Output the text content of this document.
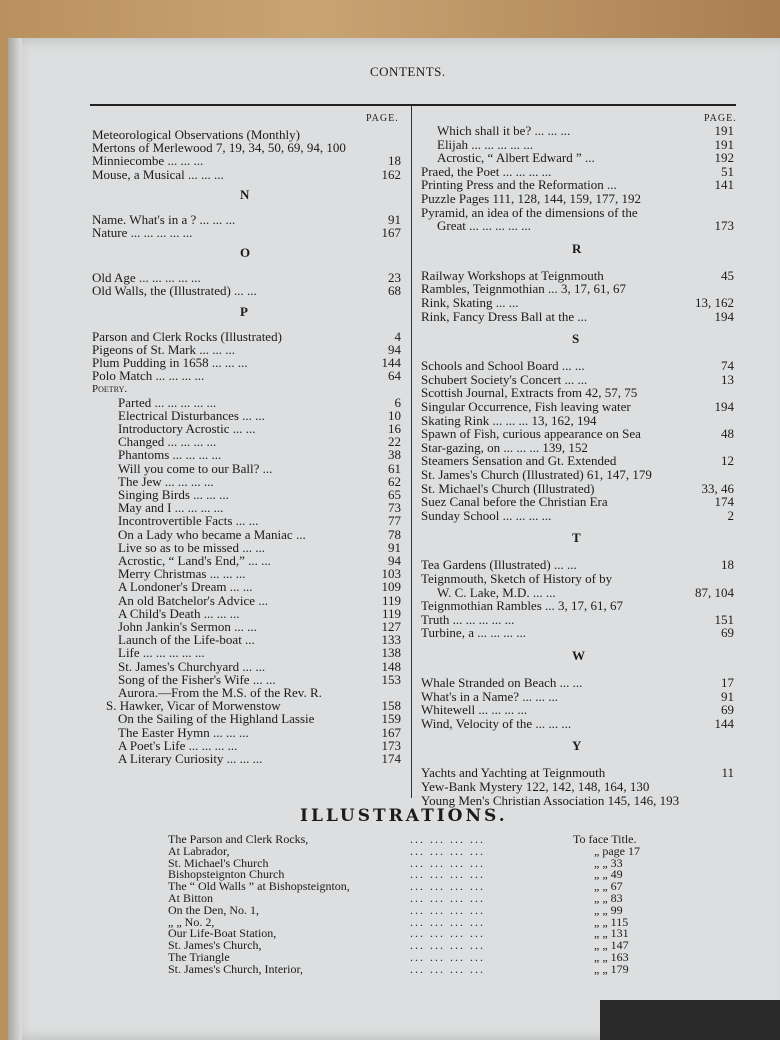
CONTENTS.
PAGE.	PAGE.
Meteorological Observations (Monthly)
Mertons of Merlewood 7, 19, 34, 50, 69, 94, 100
Minniecombe ... ... ...	18
Mouse, a Musical ... ... ...	162
N
Name. What's in a ? ... ... ...	91
Nature ... ... ... ... ...	167
O
Old Age ... ... ... ... ...	23
Old Walls, the (Illustrated) ... ...	68
P
Parson and Clerk Rocks (Illustrated)	4
Pigeons of St. Mark ... ... ...	94
Plum Pudding in 1658 ... ... ...	144
Polo Match ... ... ... ...	64
Poetry.
Parted ... ... ... ... ...	6
Electrical Disturbances ... ...	10
Introductory Acrostic ... ...	16
Changed ... ... ... ...	22
Phantoms ... ... ... ...	38
Will you come to our Ball? ...	61
The Jew ... ... ... ...	62
Singing Birds ... ... ...	65
May and I ... ... ... ...	73
Incontrovertible Facts ... ...	77
On a Lady who became a Maniac ...	78
Live so as to be missed ... ...	91
Acrostic, “ Land's End,” ... ...	94
Merry Christmas ... ... ...	103
A Londoner's Dream ... ...	109
An old Batchelor's Advice ...	119
A Child's Death ... ... ...	119
John Jankin's Sermon ... ...	127
Launch of the Life-boat ...	133
Life ... ... ... ... ...	138
St. James's Churchyard ... ...	148
Song of the Fisher's Wife ... ...	153
Aurora.—From the M.S. of the Rev. R.
S. Hawker, Vicar of Morwenstow	158
On the Sailing of the Highland Lassie	159
The Easter Hymn ... ... ...	167
A Poet's Life ... ... ... ...	173
A Literary Curiosity ... ... ...	174
Which shall it be? ... ... ...	191
Elijah ... ... ... ... ...	191
Acrostic, “ Albert Edward ” ...	192
Praed, the Poet ... ... ... ...	51
Printing Press and the Reformation ...	141
Puzzle Pages 111, 128, 144, 159, 177, 192
Pyramid, an idea of the dimensions of the
Great ... ... ... ... ...	173
R
Railway Workshops at Teignmouth	45
Rambles, Teignmothian ... 3, 17, 61, 67
Rink, Skating ... ...	13, 162
Rink, Fancy Dress Ball at the ...	194
S
Schools and School Board ... ...	74
Schubert Society's Concert ... ...	13
Scottish Journal, Extracts from 42, 57, 75
Singular Occurrence, Fish leaving water	194
Skating Rink ... ... ... 13, 162, 194
Spawn of Fish, curious appearance on Sea	48
Star-gazing, on ... ... ... 139, 152
Steamers Sensation and Gt. Extended	12
St. James's Church (Illustrated) 61, 147, 179
St. Michael's Church (Illustrated)	33, 46
Suez Canal before the Christian Era	174
Sunday School ... ... ... ...	2
T
Tea Gardens (Illustrated) ... ...	18
Teignmouth, Sketch of History of by
W. C. Lake, M.D. ... ...	87, 104
Teignmothian Rambles ... 3, 17, 61, 67
Truth ... ... ... ... ...	151
Turbine, a ... ... ... ...	69
W
Whale Stranded on Beach ... ...	17
What's in a Name? ... ... ...	91
Whitewell ... ... ... ...	69
Wind, Velocity of the ... ... ...	144
Y
Yachts and Yachting at Teignmouth	11
Yew-Bank Mystery 122, 142, 148, 164, 130
Young Men's Christian Association 145, 146, 193
ILLUSTRATIONS.
The Parson and Clerk Rocks,	... ... ... ...	To face Title.
At Labrador,	... ... ... ...	„ page 17
St. Michael's Church	... ... ... ...	„ „ 33
Bishopsteignton Church	... ... ... ...	„ „ 49
The “ Old Walls ” at Bishopsteignton,	... ... ... ...	„ „ 67
At Bitton	... ... ... ...	„ „ 83
On the Den, No. 1,	... ... ... ...	„ „ 99
„ „ No. 2,	... ... ... ...	„ „ 115
Our Life-Boat Station,	... ... ... ...	„ „ 131
St. James's Church,	... ... ... ...	„ „ 147
The Triangle	... ... ... ...	„ „ 163
St. James's Church, Interior,	... ... ... ...	„ „ 179
